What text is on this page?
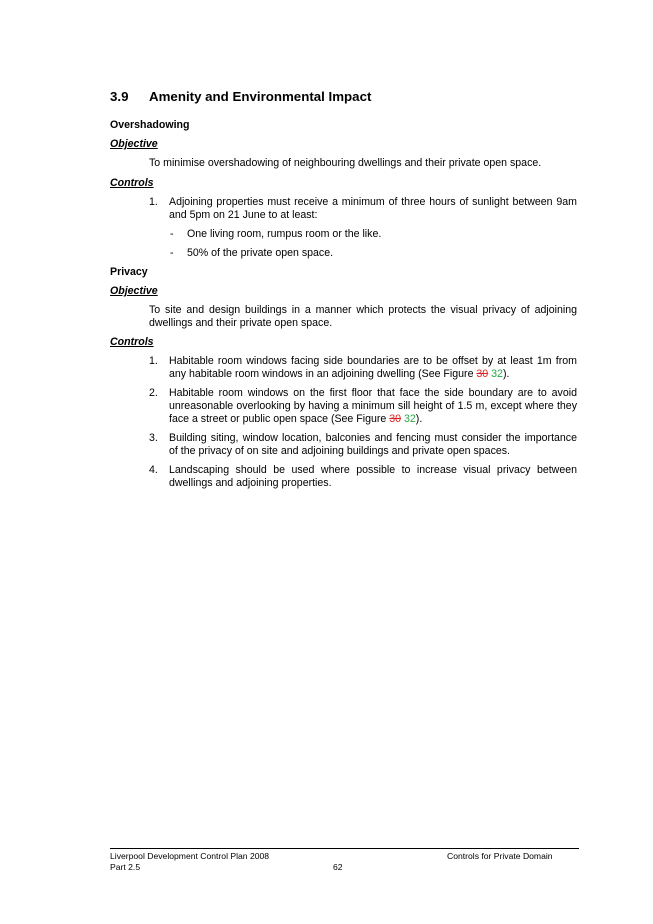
3.9 Amenity and Environmental Impact
Overshadowing
Objective

To minimise overshadowing of neighbouring dwellings and their private open space.

Controls
1. Adjoining properties must receive a minimum of three hours of sunlight between 9am and 5pm on 21 June to at least:
- One living room, rumpus room or the like.
- 50% of the private open space.
Privacy
Objective

To site and design buildings in a manner which protects the visual privacy of adjoining dwellings and their private open space.

Controls
1. Habitable room windows facing side boundaries are to be offset by at least 1m from any habitable room windows in an adjoining dwelling (See Figure 30 32).
2. Habitable room windows on the first floor that face the side boundary are to avoid unreasonable overlooking by having a minimum sill height of 1.5 m, except where they face a street or public open space (See Figure 30 32).
3. Building siting, window location, balconies and fencing must consider the importance of the privacy of on site and adjoining buildings and private open spaces.
4. Landscaping should be used where possible to increase visual privacy between dwellings and adjoining properties.
Liverpool Development Control Plan 2008
Part 2.5	62
Controls for Private Domain
